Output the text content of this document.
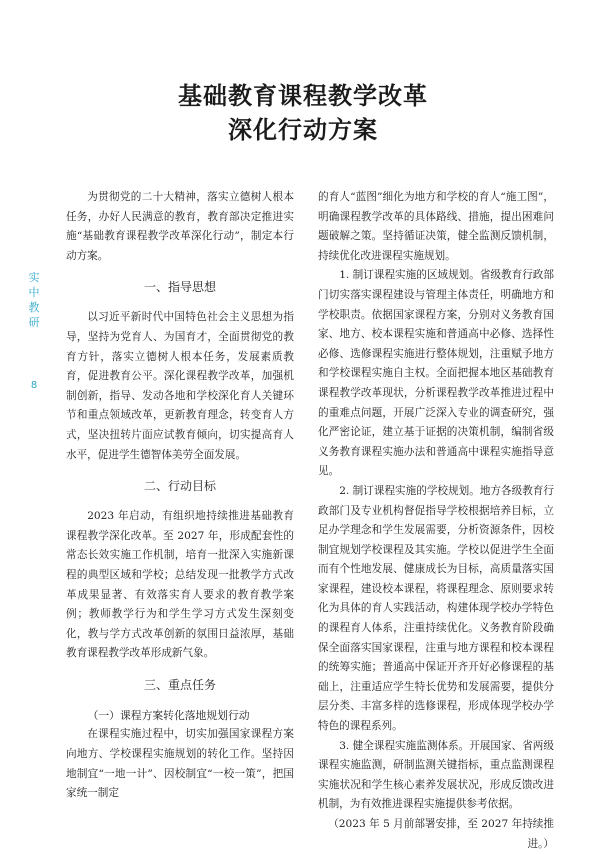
基础教育课程教学改革
深化行动方案
实
中
教
研
8

为贯彻党的二十大精神，落实立德树人根本任务，办好人民满意的教育，教育部决定推进实施“基础教育课程教学改革深化行动”，制定本行动方案。

一、指导思想

以习近平新时代中国特色社会主义思想为指导，坚持为党育人、为国育才，全面贯彻党的教育方针，落实立德树人根本任务，发展素质教育，促进教育公平。深化课程教学改革，加强机制创新，指导、发动各地和学校深化育人关键环节和重点领域改革，更新教育理念，转变育人方式，坚决扭转片面应试教育倾向，切实提高育人水平，促进学生德智体美劳全面发展。

二、行动目标

2023 年启动，有组织地持续推进基础教育课程教学深化改革。至 2027 年，形成配套性的常态长效实施工作机制，培育一批深入实施新课程的典型区域和学校；总结发现一批教学方式改革成果显著、有效落实育人要求的教育教学案例；教师教学行为和学生学习方式发生深刻变化，教与学方式改革创新的氛围日益浓厚，基础教育课程教学改革形成新气象。

三、重点任务
（一）课程方案转化落地规划行动

在课程实施过程中，切实加强国家课程方案向地方、学校课程实施规划的转化工作。坚持因地制宜“一地一计”、因校制宜“一校一策”，把国家统一制定

的育人“蓝图”细化为地方和学校的育人“施工图”，明确课程教学改革的具体路线、措施，提出困难问题破解之策。坚持循证决策，健全监测反馈机制，持续优化改进课程实施规划。

1. 制订课程实施的区域规划。省级教育行政部门切实落实课程建设与管理主体责任，明确地方和学校职责。依据国家课程方案，分别对义务教育国家、地方、校本课程实施和普通高中必修、选择性必修、选修课程实施进行整体规划，注重赋予地方和学校课程实施自主权。全面把握本地区基础教育课程教学改革现状，分析课程教学改革推进过程中的重难点问题，开展广泛深入专业的调查研究，强化严密论证，建立基于证据的决策机制，编制省级义务教育课程实施办法和普通高中课程实施指导意见。

2. 制订课程实施的学校规划。地方各级教育行政部门及专业机构督促指导学校根据培养目标，立足办学理念和学生发展需要，分析资源条件，因校制宜规划学校课程及其实施。学校以促进学生全面而有个性地发展、健康成长为目标，高质量落实国家课程，建设校本课程，将课程理念、原则要求转化为具体的育人实践活动，构建体现学校办学特色的课程育人体系，注重持续优化。义务教育阶段确保全面落实国家课程，注重与地方课程和校本课程的统筹实施；普通高中保证开齐开好必修课程的基础上，注重适应学生特长优势和发展需要，提供分层分类、丰富多样的选修课程，形成体现学校办学特色的课程系列。

3. 健全课程实施监测体系。开展国家、省两级课程实施监测，研制监测关键指标，重点监测课程实施状况和学生核心素养发展状况，形成反馈改进机制，为有效推进课程实施提供参考依据。

（2023 年 5 月前部署安排，至 2027 年持续推进。）
